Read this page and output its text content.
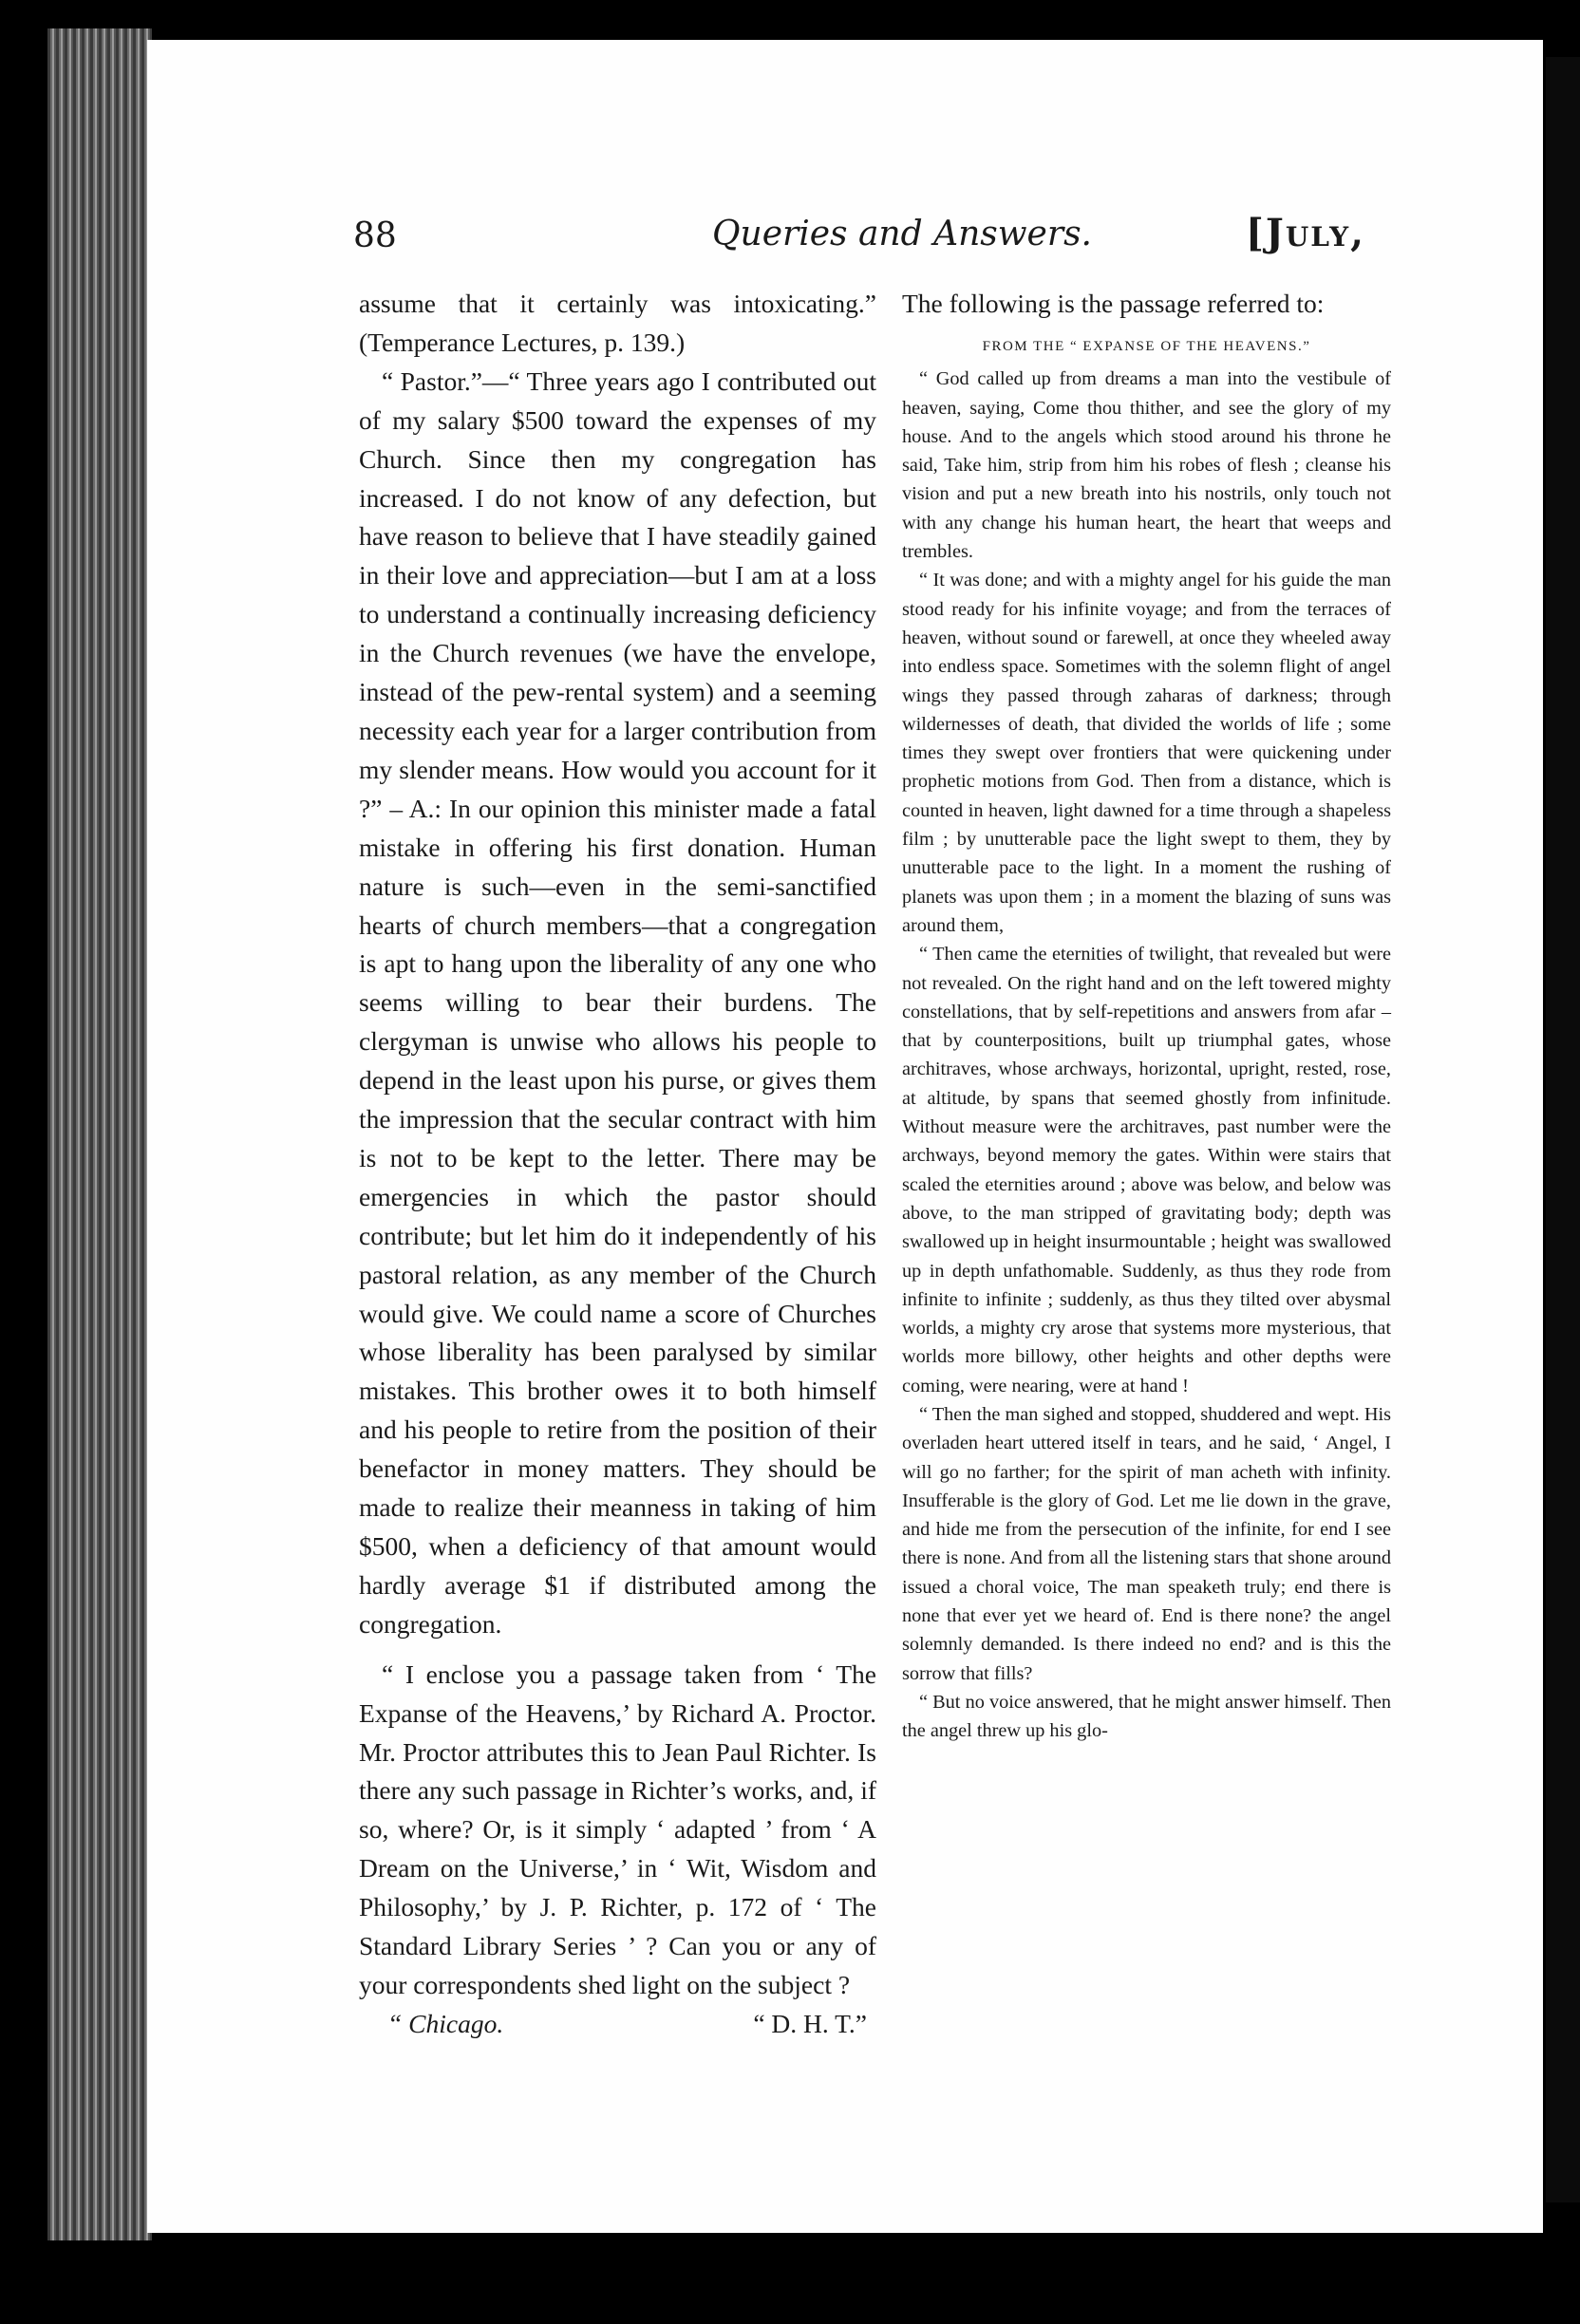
88	Queries and Answers.	[July,

assume that it certainly was intoxicating.” (Temperance Lectures, p. 139.)

“ Pastor.”—“ Three years ago I contributed out of my salary $500 toward the expenses of my Church. Since then my congregation has increased. I do not know of any defection, but have reason to believe that I have steadily gained in their love and appreciation—but I am at a loss to understand a continually increasing deficiency in the Church revenues (we have the envelope, instead of the pew-rental system) and a seeming necessity each year for a larger contribution from my slender means. How would you account for it ?” – A.: In our opinion this minister made a fatal mistake in offering his first donation. Human nature is such—even in the semi-sanctified hearts of church members—that a congregation is apt to hang upon the liberality of any one who seems willing to bear their burdens. The clergyman is unwise who allows his people to depend in the least upon his purse, or gives them the impression that the secular contract with him is not to be kept to the letter. There may be emergencies in which the pastor should contribute; but let him do it independently of his pastoral relation, as any member of the Church would give. We could name a score of Churches whose liberality has been paralysed by similar mistakes. This brother owes it to both himself and his people to retire from the position of their benefactor in money matters. They should be made to realize their meanness in taking of him $500, when a deficiency of that amount would hardly average $1 if distributed among the congregation.

“ I enclose you a passage taken from ‘ The Expanse of the Heavens,’ by Richard A. Proctor. Mr. Proctor attributes this to Jean Paul Richter. Is there any such passage in Richter’s works, and, if so, where? Or, is it simply ‘ adapted ’ from ‘ A Dream on the Universe,’ in ‘ Wit, Wisdom and Philosophy,’ by J. P. Richter, p. 172 of ‘ The Standard Library Series ’ ? Can you or any of your correspondents shed light on the subject ?

“ Chicago.	“ D. H. T.”

The following is the passage referred to:

FROM THE “ EXPANSE OF THE HEAVENS.”

“ God called up from dreams a man into the vestibule of heaven, saying, Come thou thither, and see the glory of my house. And to the angels which stood around his throne he said, Take him, strip from him his robes of flesh ; cleanse his vision and put a new breath into his nostrils, only touch not with any change his human heart, the heart that weeps and trembles.

“ It was done; and with a mighty angel for his guide the man stood ready for his infinite voyage; and from the terraces of heaven, without sound or farewell, at once they wheeled away into endless space. Sometimes with the solemn flight of angel wings they passed through zaharas of darkness; through wildernesses of death, that divided the worlds of life ; some times they swept over frontiers that were quickening under prophetic motions from God. Then from a distance, which is counted in heaven, light dawned for a time through a shapeless film ; by unutterable pace the light swept to them, they by unutterable pace to the light. In a moment the rushing of planets was upon them ; in a moment the blazing of suns was around them,

“ Then came the eternities of twilight, that revealed but were not revealed. On the right hand and on the left towered mighty constellations, that by self-repetitions and answers from afar – that by counterpositions, built up triumphal gates, whose architraves, whose archways, horizontal, upright, rested, rose, at altitude, by spans that seemed ghostly from infinitude. Without measure were the architraves, past number were the archways, beyond memory the gates. Within were stairs that scaled the eternities around ; above was below, and below was above, to the man stripped of gravitating body; depth was swallowed up in height insurmountable ; height was swallowed up in depth unfathomable. Suddenly, as thus they rode from infinite to infinite ; suddenly, as thus they tilted over abysmal worlds, a mighty cry arose that systems more mysterious, that worlds more billowy, other heights and other depths were coming, were nearing, were at hand !

“ Then the man sighed and stopped, shuddered and wept. His overladen heart uttered itself in tears, and he said, ‘ Angel, I will go no farther; for the spirit of man acheth with infinity. Insufferable is the glory of God. Let me lie down in the grave, and hide me from the persecution of the infinite, for end I see there is none. And from all the listening stars that shone around issued a choral voice, The man speaketh truly; end there is none that ever yet we heard of. End is there none? the angel solemnly demanded. Is there indeed no end? and is this the sorrow that fills?

“ But no voice answered, that he might answer himself. Then the angel threw up his glo-
